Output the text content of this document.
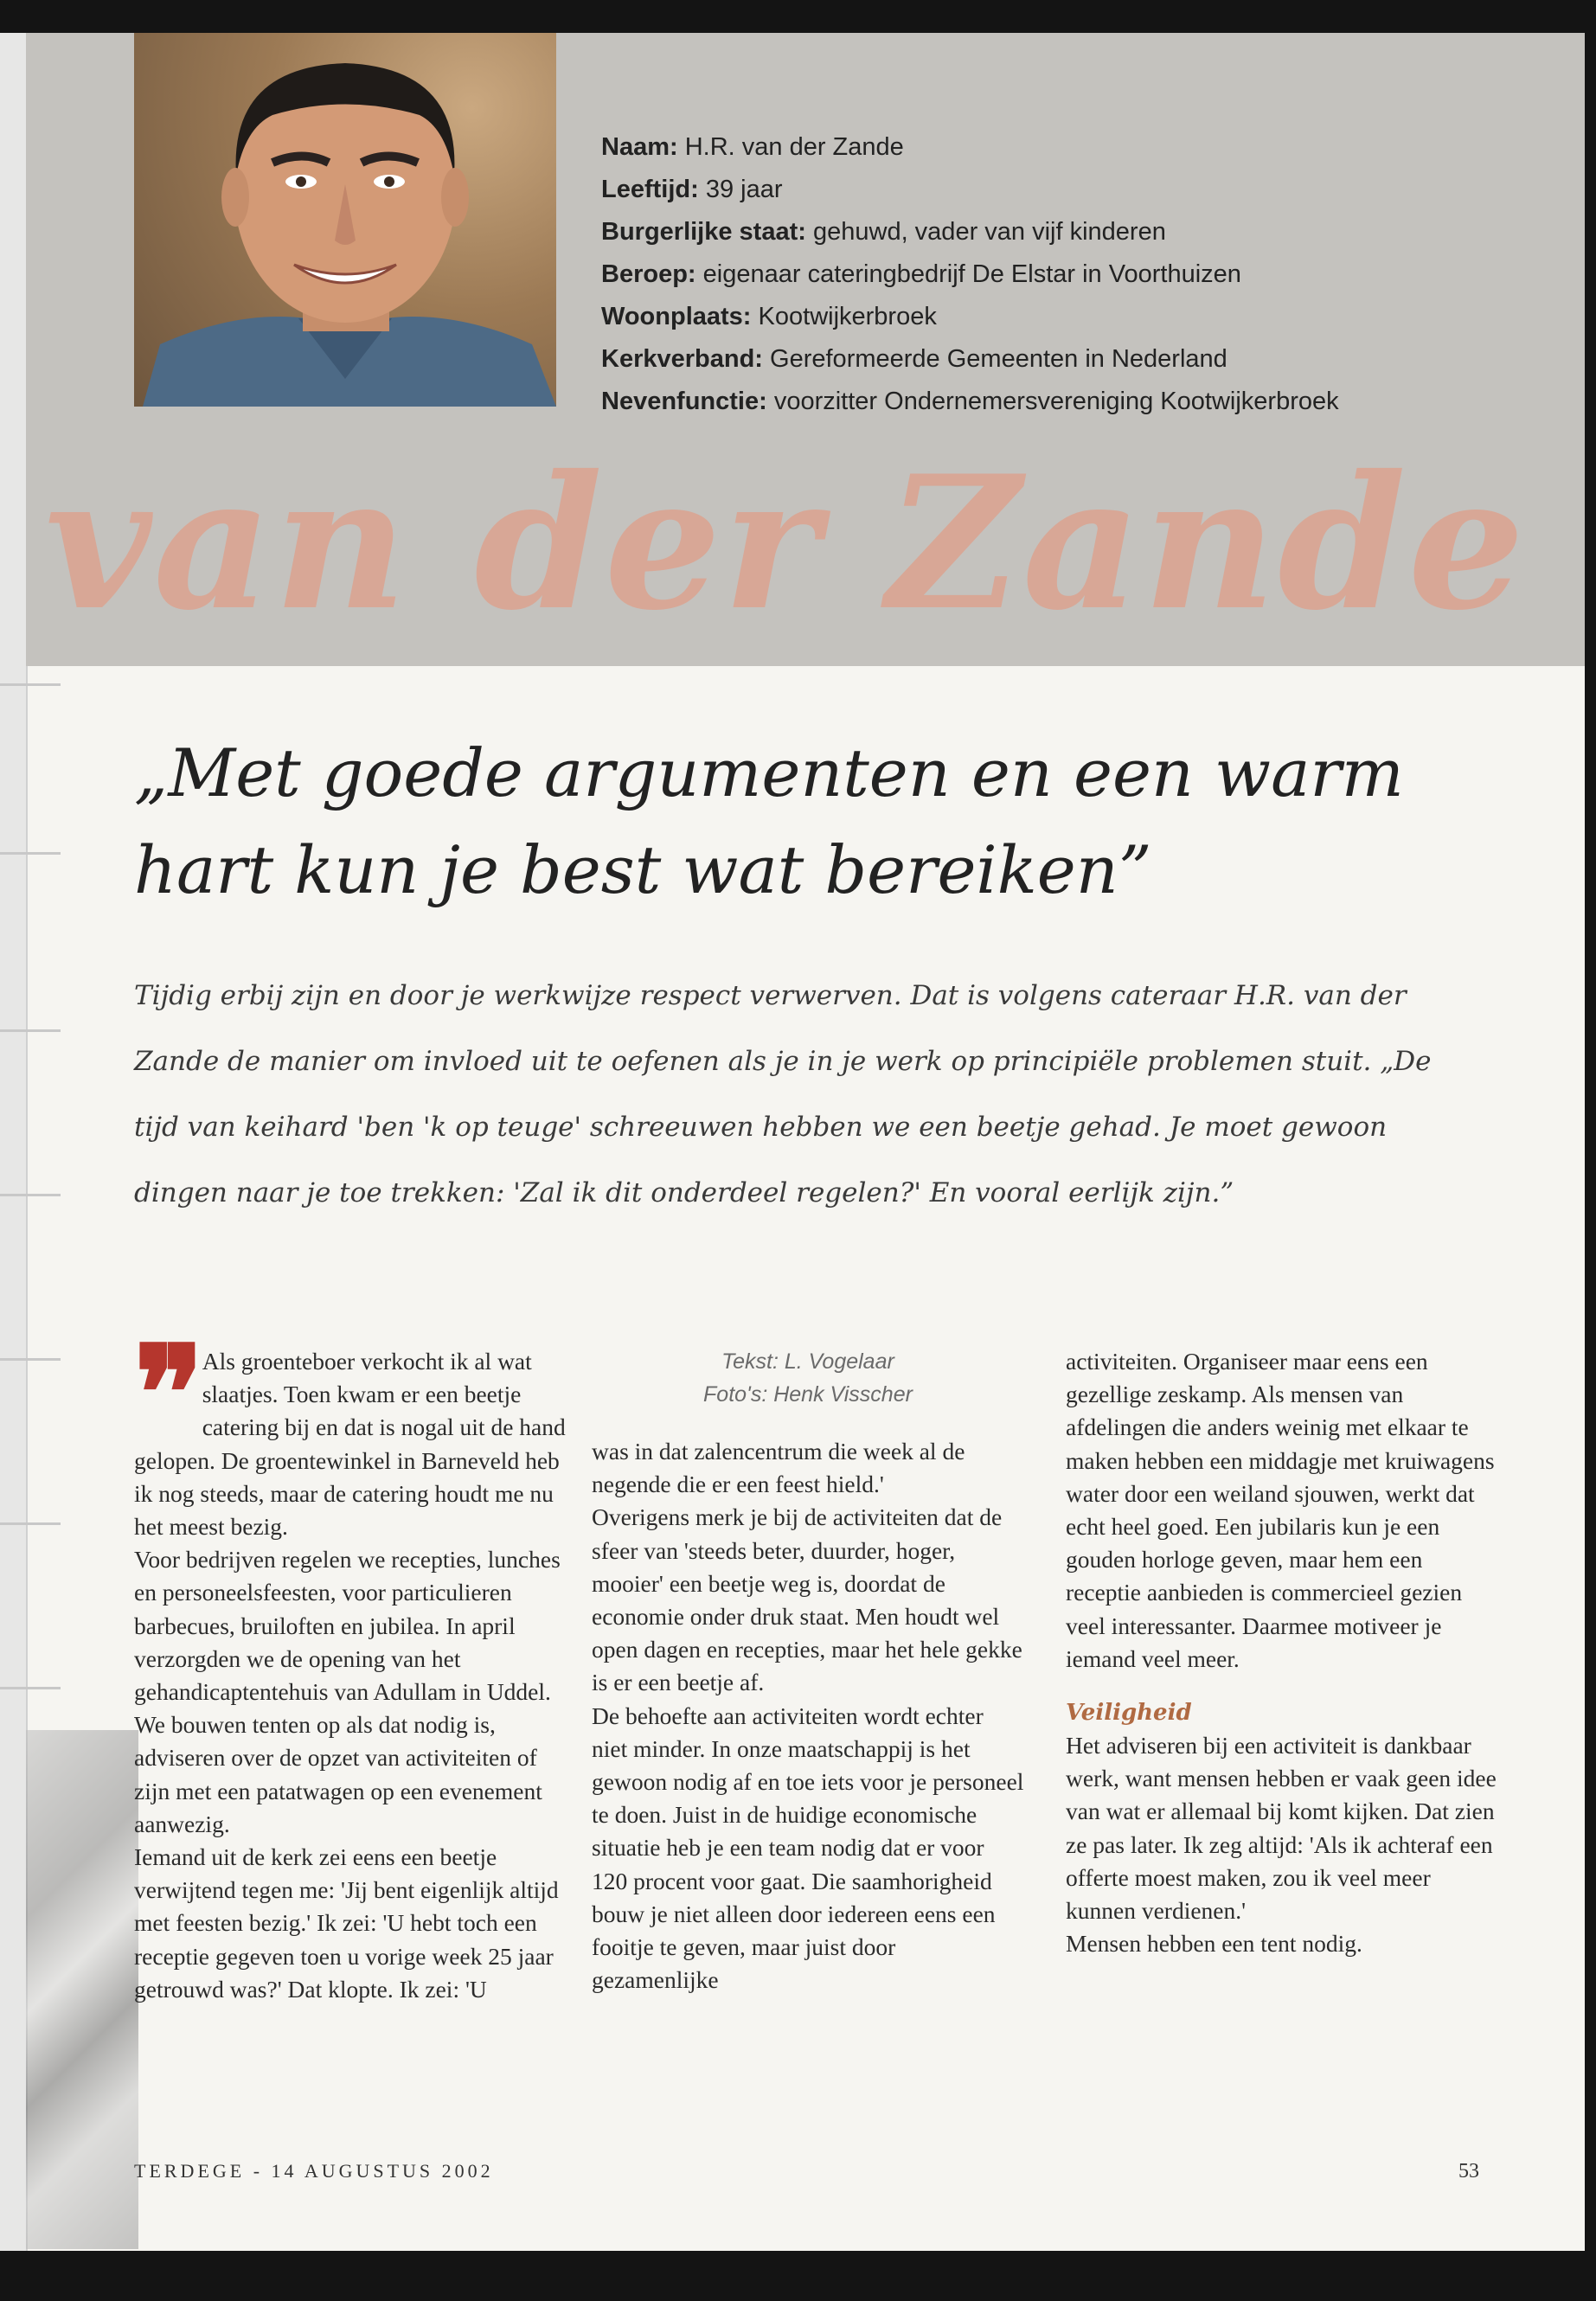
Naam: H.R. van der Zande
Leeftijd: 39 jaar
Burgerlijke staat: gehuwd, vader van vijf kinderen
Beroep: eigenaar cateringbedrijf De Elstar in Voorthuizen
Woonplaats: Kootwijkerbroek
Kerkverband: Gereformeerde Gemeenten in Nederland
Nevenfunctie: voorzitter Ondernemersvereniging Kootwijkerbroek
van der Zande
„Met goede argumenten en een warm
hart kun je best wat bereiken”
Tijdig erbij zijn en door je werkwijze respect verwerven. Dat is volgens cateraar H.R. van der Zande de manier om invloed uit te oefenen als je in je werk op principiële problemen stuit. „De tijd van keihard 'ben 'k op teuge' schreeuwen hebben we een beetje gehad. Je moet gewoon dingen naar je toe trekken: 'Zal ik dit onderdeel regelen?' En vooral eerlijk zijn.”

❞ Als groenteboer verkocht ik al wat slaatjes. Toen kwam er een beetje catering bij en dat is nogal uit de hand gelopen. De groentewinkel in Barneveld heb ik nog steeds, maar de catering houdt me nu het meest bezig.

Voor bedrijven regelen we recepties, lunches en personeelsfeesten, voor particulieren barbecues, bruiloften en jubilea. In april verzorgden we de opening van het gehandicaptentehuis van Adullam in Uddel. We bouwen tenten op als dat nodig is, adviseren over de opzet van activiteiten of zijn met een patatwagen op een evenement aanwezig.

Iemand uit de kerk zei eens een beetje verwijtend tegen me: 'Jij bent eigenlijk altijd met feesten bezig.' Ik zei: 'U hebt toch een receptie gegeven toen u vorige week 25 jaar getrouwd was?' Dat klopte. Ik zei: 'U

Tekst: L. Vogelaar
Foto's: Henk Visscher

was in dat zalencentrum die week al de negende die er een feest hield.'

Overigens merk je bij de activiteiten dat de sfeer van 'steeds beter, duurder, hoger, mooier' een beetje weg is, doordat de economie onder druk staat. Men houdt wel open dagen en recepties, maar het hele gekke is er een beetje af.

De behoefte aan activiteiten wordt echter niet minder. In onze maatschappij is het gewoon nodig af en toe iets voor je personeel te doen. Juist in de huidige economische situatie heb je een team nodig dat er voor 120 procent voor gaat. Die saamhorigheid bouw je niet alleen door iedereen eens een fooitje te geven, maar juist door gezamenlijke

activiteiten. Organiseer maar eens een gezellige zeskamp. Als mensen van afdelingen die anders weinig met elkaar te maken hebben een middagje met kruiwagens water door een weiland sjouwen, werkt dat echt heel goed. Een jubilaris kun je een gouden horloge geven, maar hem een receptie aanbieden is commercieel gezien veel interessanter. Daarmee motiveer je iemand veel meer.

Veiligheid

Het adviseren bij een activiteit is dankbaar werk, want mensen hebben er vaak geen idee van wat er allemaal bij komt kijken. Dat zien ze pas later. Ik zeg altijd: 'Als ik achteraf een offerte moest maken, zou ik veel meer kunnen verdienen.'

Mensen hebben een tent nodig.

TERDEGE - 14 AUGUSTUS 2002	53
